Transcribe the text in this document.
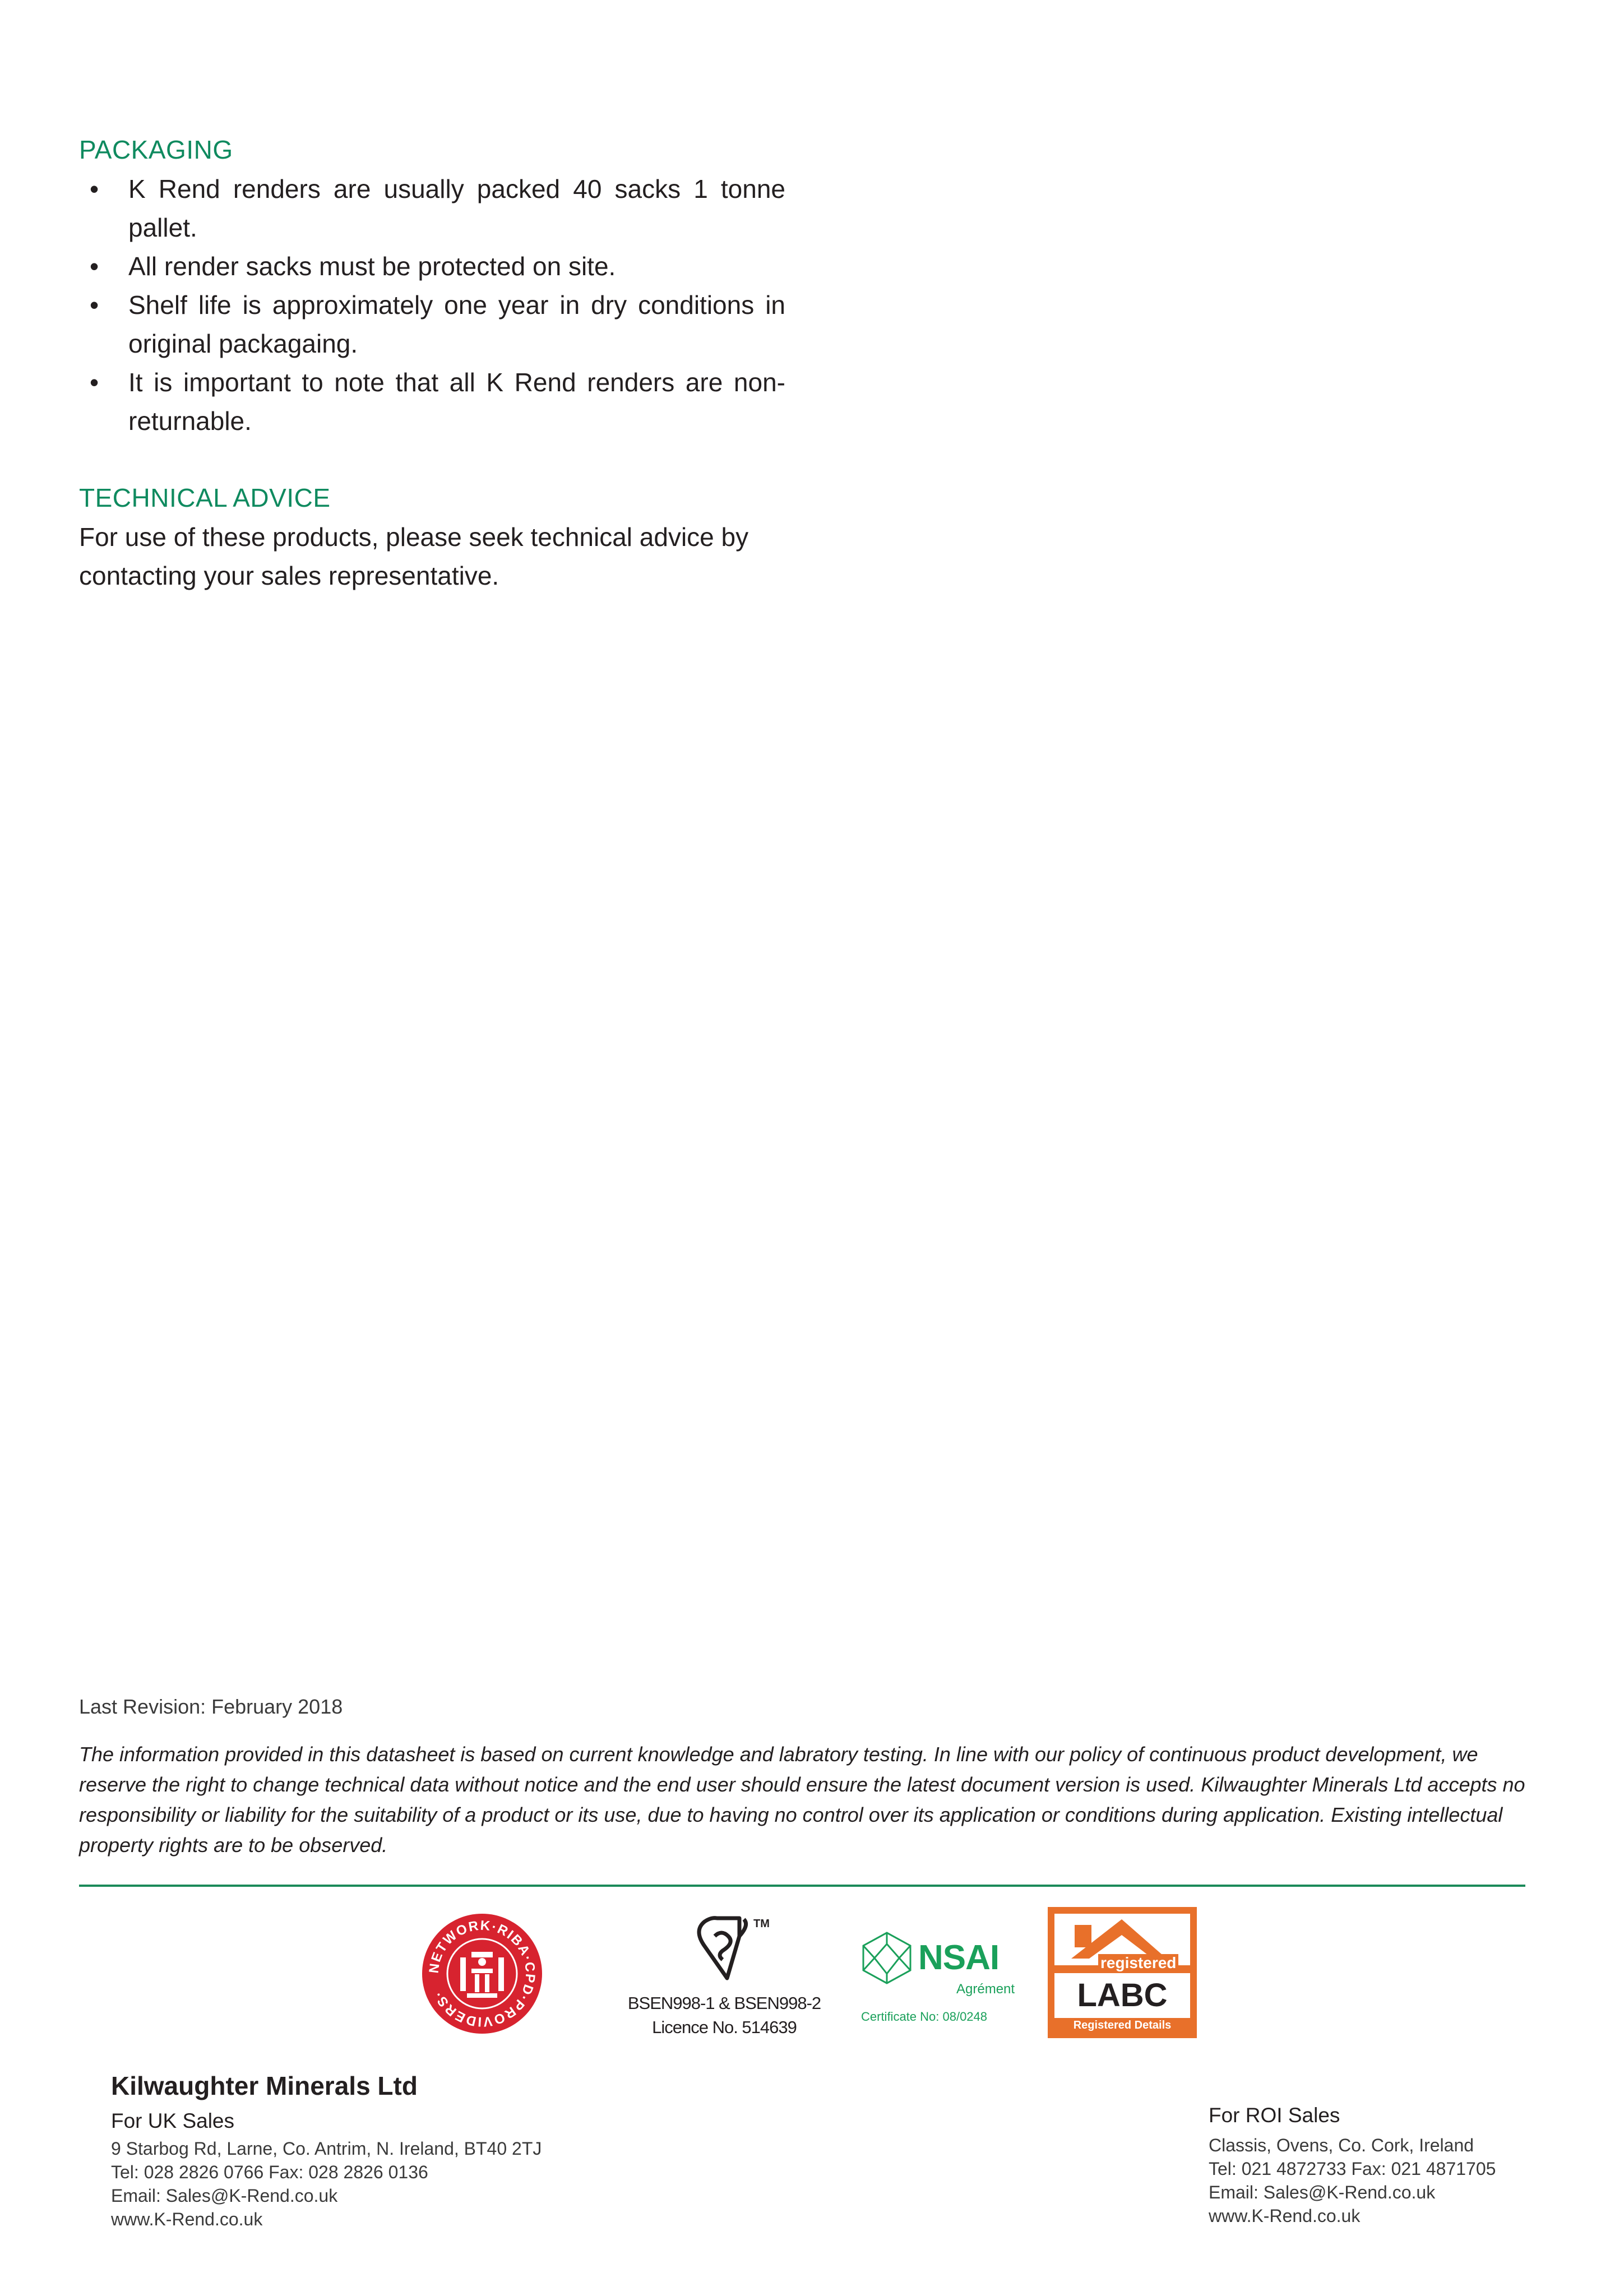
PACKAGING
• K Rend renders are usually packed 40 sacks 1 tonne pallet.
• All render sacks must be protected on site.
• Shelf life is approximately one year in dry conditions in original packagaing.
• It is important to note that all K Rend renders are non-returnable.
TECHNICAL ADVICE
For use of these products, please seek technical advice by contacting your sales representative.
Last Revision: February 2018
The information provided in this datasheet is based on current knowledge and labratory testing. In line with our policy of continuous product development, we reserve the right to change technical data without notice and the end user should ensure the latest document version is used. Kilwaughter Minerals Ltd accepts no responsibility or liability for the suitability of a product or its use, due to having no control over its application or conditions during application. Existing intellectual property rights are to be observed.
NETWORK·RIBA·CPD·PROVIDERS·
TM
BSEN998-1 & BSEN998-2
Licence No. 514639
NSAI
Agrément
Certificate No: 08/0248
registered
LABC
Registered Details
Kilwaughter Minerals Ltd
For UK Sales
9 Starbog Rd, Larne, Co. Antrim, N. Ireland, BT40 2TJ
Tel: 028 2826 0766 Fax: 028 2826 0136
Email: Sales@K-Rend.co.uk
www.K-Rend.co.uk
For ROI Sales
Classis, Ovens, Co. Cork, Ireland
Tel: 021 4872733 Fax: 021 4871705
Email: Sales@K-Rend.co.uk
www.K-Rend.co.uk
